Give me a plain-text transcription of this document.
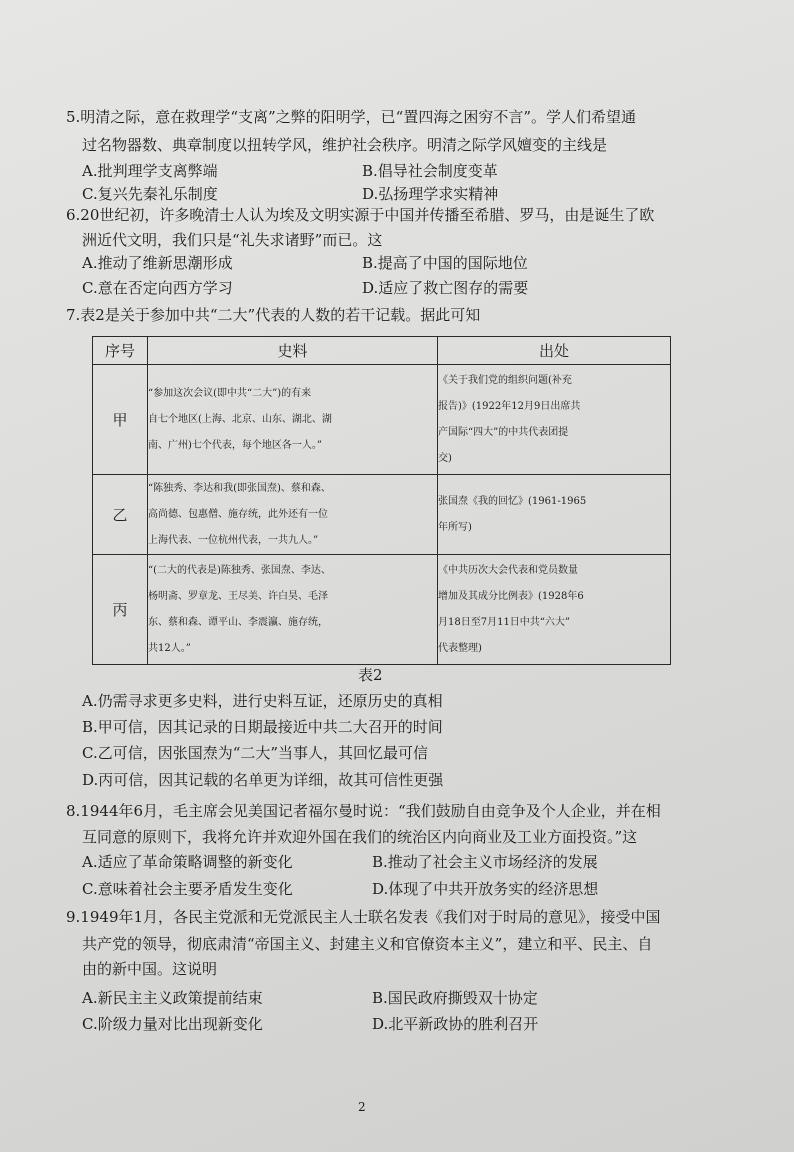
5.明清之际，意在救理学“支离”之弊的阳明学，已“置四海之困穷不言”。学人们希望通
过名物器数、典章制度以扭转学风，维护社会秩序。明清之际学风嬗变的主线是
A.批判理学支离弊端	B.倡导社会制度变革
C.复兴先秦礼乐制度	D.弘扬理学求实精神
6.20世纪初，许多晚清士人认为埃及文明实源于中国并传播至希腊、罗马，由是诞生了欧
洲近代文明，我们只是“礼失求诸野”而已。这
A.推动了维新思潮形成	B.提高了中国的国际地位
C.意在否定向西方学习	D.适应了救亡图存的需要
7.表2是关于参加中共“二大”代表的人数的若干记载。据此可知
序号	史料	出处
甲	“参加这次会议(即中共“二大”)的有来
自七个地区(上海、北京、山东、湖北、湖
南、广州)七个代表，每个地区各一人。”	《关于我们党的组织问题(补充
报告)》(1922年12月9日出席共
产国际“四大”的中共代表团提
交)

乙	“陈独秀、李达和我(即张国焘)、蔡和森、
高尚德、包惠僧、施存统，此外还有一位
上海代表、一位杭州代表，一共九人。”	张国焘《我的回忆》(1961-1965
年所写)

丙	“(二大的代表是)陈独秀、张国焘、李达、
杨明斋、罗章龙、王尽美、许白昊、毛泽
东、蔡和森、谭平山、李震瀛、施存统，
共12人。”	《中共历次大会代表和党员数量
增加及其成分比例表》(1928年6
月18日至7月11日中共“六大”
代表整理)
表2
A.仍需寻求更多史料，进行史料互证，还原历史的真相
B.甲可信，因其记录的日期最接近中共二大召开的时间
C.乙可信，因张国焘为“二大”当事人，其回忆最可信
D.丙可信，因其记载的名单更为详细，故其可信性更强
8.1944年6月，毛主席会见美国记者福尔曼时说：“我们鼓励自由竞争及个人企业，并在相
互同意的原则下，我将允许并欢迎外国在我们的统治区内向商业及工业方面投资。”这
A.适应了革命策略调整的新变化	B.推动了社会主义市场经济的发展
C.意味着社会主要矛盾发生变化	D.体现了中共开放务实的经济思想
9.1949年1月，各民主党派和无党派民主人士联名发表《我们对于时局的意见》，接受中国
共产党的领导，彻底肃清“帝国主义、封建主义和官僚资本主义”，建立和平、民主、自
由的新中国。这说明
A.新民主主义政策提前结束	B.国民政府撕毁双十协定
C.阶级力量对比出现新变化	D.北平新政协的胜利召开
2
